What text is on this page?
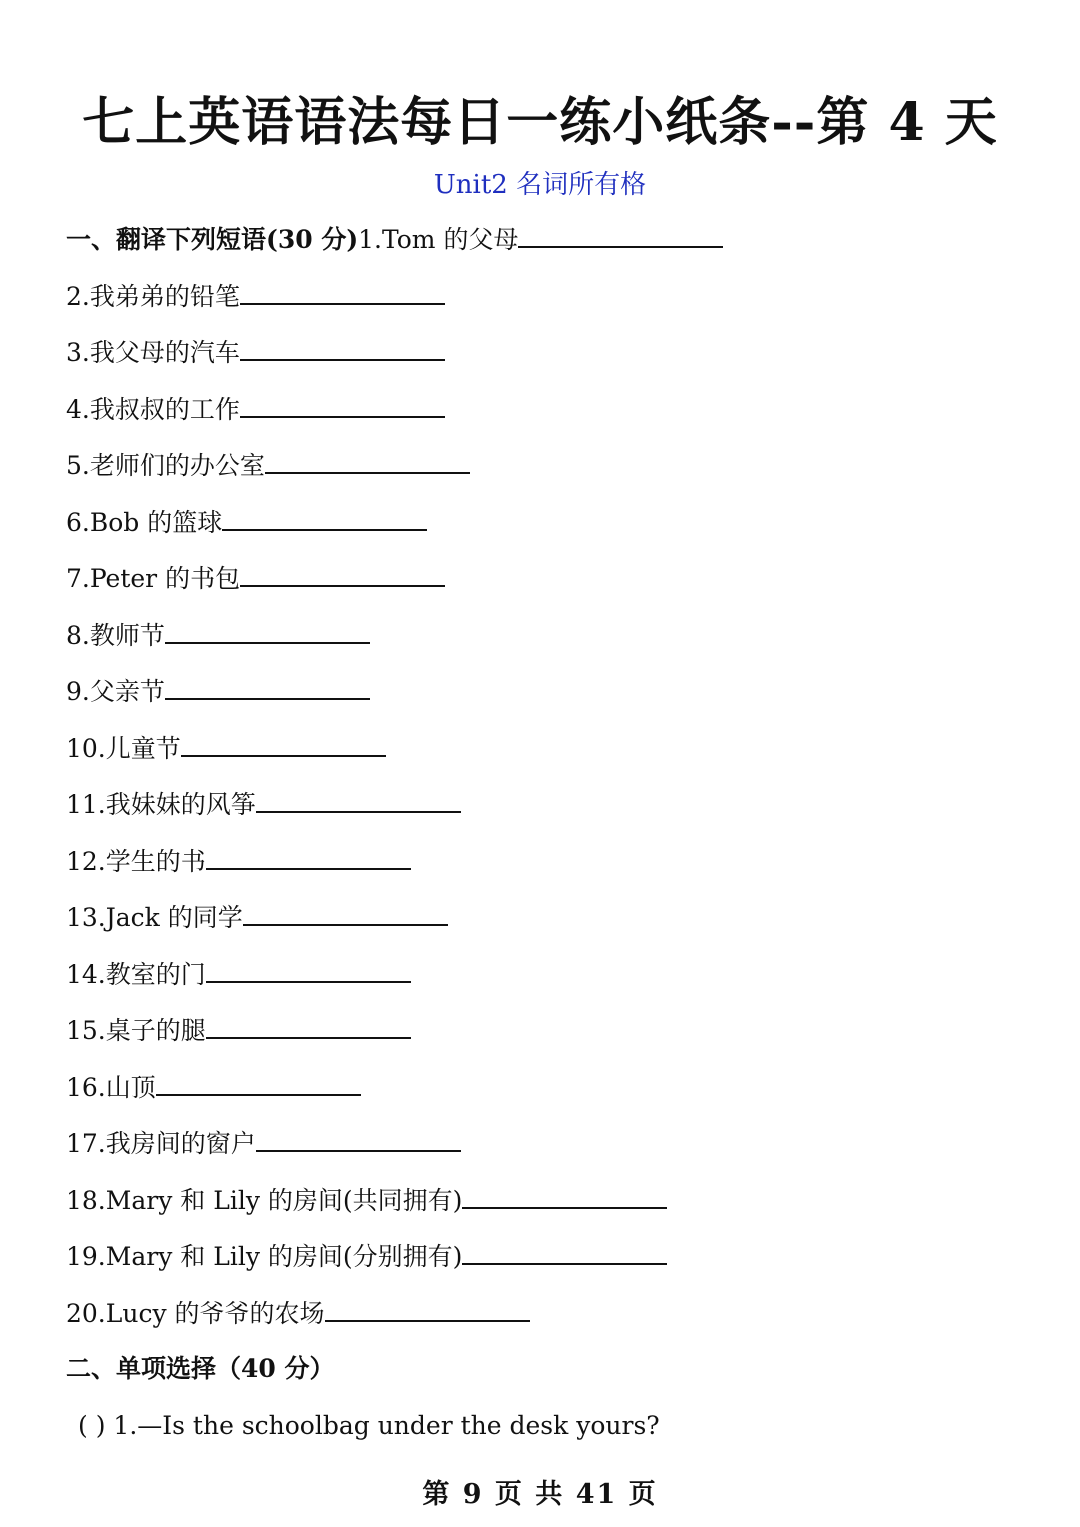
七上英语语法每日一练小纸条--第 4 天
Unit2 名词所有格
一、翻译下列短语(30 分)1.Tom 的父母
2.我弟弟的铅笔
3.我父母的汽车
4.我叔叔的工作
5.老师们的办公室
6.Bob 的篮球
7.Peter 的书包
8.教师节
9.父亲节
10.儿童节
11.我妹妹的风筝
12.学生的书
13.Jack 的同学
14.教室的门
15.桌子的腿
16.山顶
17.我房间的窗户
18.Mary 和 Lily 的房间(共同拥有)
19.Mary 和 Lily 的房间(分别拥有)
20.Lucy 的爷爷的农场
二、单项选择（40 分）
( ) 1.—Is the schoolbag under the desk yours?
第 9 页 共 41 页
